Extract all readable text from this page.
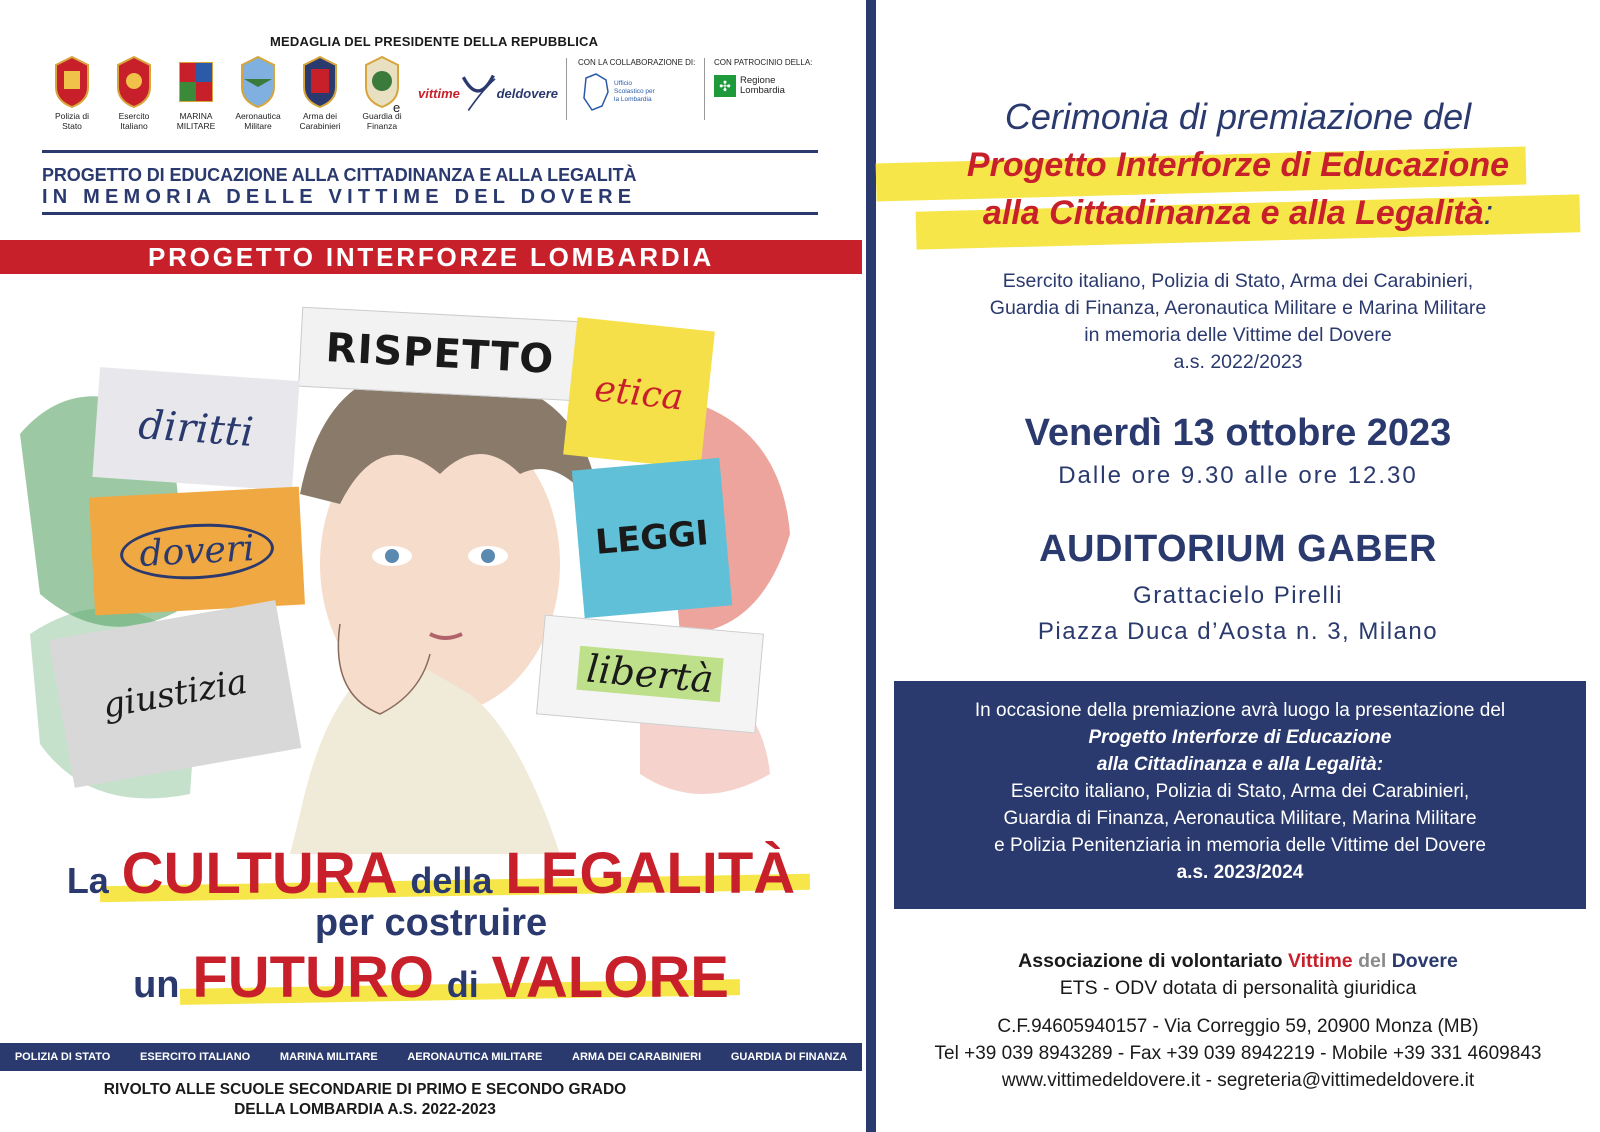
MEDAGLIA DEL PRESIDENTE DELLA REPUBBLICA
Polizia di Stato
Esercito Italiano
MARINA MILITARE
Aeronautica Militare
Arma dei Carabinieri
Guardia di Finanza
e
vittime	deldovere
CON LA COLLABORAZIONE DI:
Ufficio Scolastico per la Lombardia
CON PATROCINIO DELLA:
✣ Regione Lombardia
PROGETTO DI EDUCAZIONE ALLA CITTADINANZA E ALLA LEGALITÀ
IN MEMORIA DELLE VITTIME DEL DOVERE
PROGETTO INTERFORZE LOMBARDIA
RISPETTO
etica
diritti
doveri	LEGGI
giustizia	libertà
La CULTURA della LEGALITÀ
per costruire
un FUTURO di VALORE
POLIZIA DI STATO	ESERCITO ITALIANO	MARINA MILITARE	AERONAUTICA MILITARE	ARMA DEI CARABINIERI	GUARDIA DI FINANZA
RIVOLTO ALLE SCUOLE SECONDARIE DI PRIMO E SECONDO GRADO
DELLA LOMBARDIA A.S. 2022-2023
Cerimonia di premiazione del
Progetto Interforze di Educazione
alla Cittadinanza e alla Legalità:
Esercito italiano, Polizia di Stato, Arma dei Carabinieri,
Guardia di Finanza, Aeronautica Militare e Marina Militare
in memoria delle Vittime del Dovere
a.s. 2022/2023
Venerdì 13 ottobre 2023
Dalle ore 9.30 alle ore 12.30
AUDITORIUM GABER
Grattacielo Pirelli
Piazza Duca d’Aosta n. 3, Milano
In occasione della premiazione avrà luogo la presentazione del
Progetto Interforze di Educazione
alla Cittadinanza e alla Legalità:
Esercito italiano, Polizia di Stato, Arma dei Carabinieri,
Guardia di Finanza, Aeronautica Militare, Marina Militare
e Polizia Penitenziaria in memoria delle Vittime del Dovere
a.s. 2023/2024
Associazione di volontariato Vittime del Dovere
ETS - ODV dotata di personalità giuridica
C.F.94605940157 - Via Correggio 59, 20900 Monza (MB)
Tel +39 039 8943289 - Fax +39 039 8942219 - Mobile +39 331 4609843
www.vittimedeldovere.it - segreteria@vittimedeldovere.it
